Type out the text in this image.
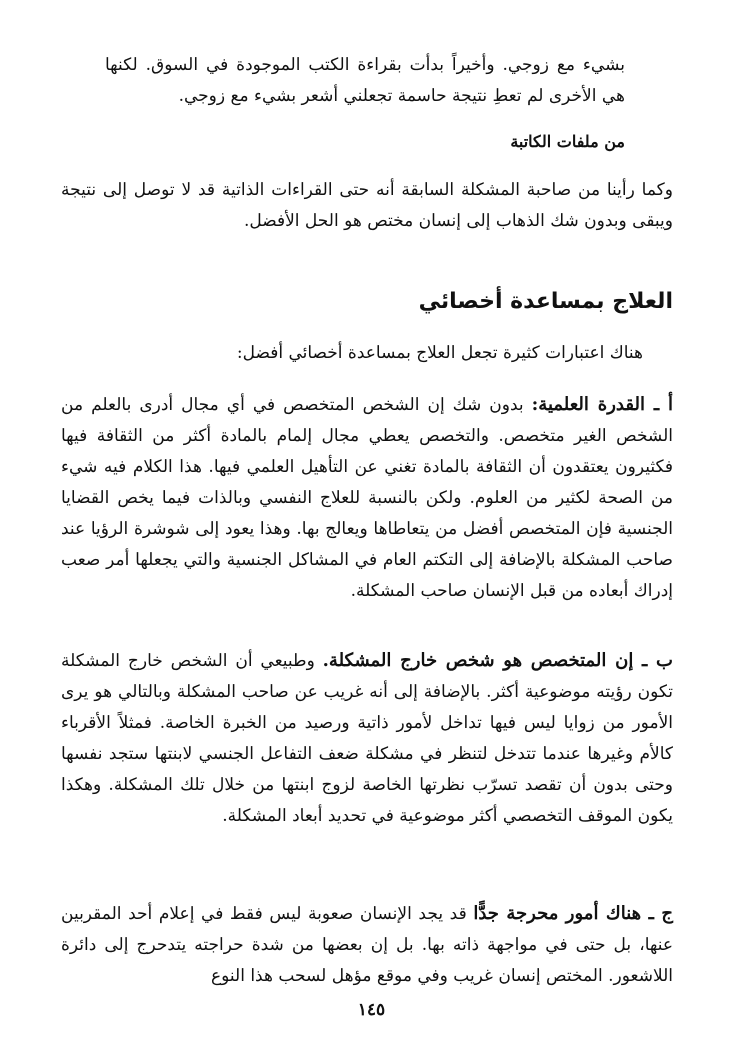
بشيء مع زوجي. وأخيراً بدأت بقراءة الكتب الموجودة في السوق. لكنها هي الأخرى لم تعطِ نتيجة حاسمة تجعلني أشعر بشيء مع زوجي.

من ملفات الكاتبة

وكما رأينا من صاحبة المشكلة السابقة أنه حتى القراءات الذاتية قد لا توصل إلى نتيجة ويبقى وبدون شك الذهاب إلى إنسان مختص هو الحل الأفضل.

العلاج بمساعدة أخصائي

هناك اعتبارات كثيرة تجعل العلاج بمساعدة أخصائي أفضل:

أ ـ القدرة العلمية: بدون شك إن الشخص المتخصص في أي مجال أدرى بالعلم من الشخص الغير متخصص. والتخصص يعطي مجال إلمام بالمادة أكثر من الثقافة فيها فكثيرون يعتقدون أن الثقافة بالمادة تغني عن التأهيل العلمي فيها. هذا الكلام فيه شيء من الصحة لكثير من العلوم. ولكن بالنسبة للعلاج النفسي وبالذات فيما يخص القضايا الجنسية فإن المتخصص أفضل من يتعاطاها ويعالج بها. وهذا يعود إلى شوشرة الرؤيا عند صاحب المشكلة بالإضافة إلى التكتم العام في المشاكل الجنسية والتي يجعلها أمر صعب إدراك أبعاده من قبل الإنسان صاحب المشكلة.

ب ـ إن المتخصص هو شخص خارج المشكلة. وطبيعي أن الشخص خارج المشكلة تكون رؤيته موضوعية أكثر. بالإضافة إلى أنه غريب عن صاحب المشكلة وبالتالي هو يرى الأمور من زوايا ليس فيها تداخل لأمور ذاتية ورصيد من الخبرة الخاصة. فمثلاً الأقرباء كالأم وغيرها عندما تتدخل لتنظر في مشكلة ضعف التفاعل الجنسي لابنتها ستجد نفسها وحتى بدون أن تقصد تسرّب نظرتها الخاصة لزوج ابنتها من خلال تلك المشكلة. وهكذا يكون الموقف التخصصي أكثر موضوعية في تحديد أبعاد المشكلة.

ج ـ هناك أمور محرجة جدًّا قد يجد الإنسان صعوبة ليس فقط في إعلام أحد المقربين عنها، بل حتى في مواجهة ذاته بها. بل إن بعضها من شدة حراجته يتدحرج إلى دائرة اللاشعور. المختص إنسان غريب وفي موقع مؤهل لسحب هذا النوع

١٤٥
